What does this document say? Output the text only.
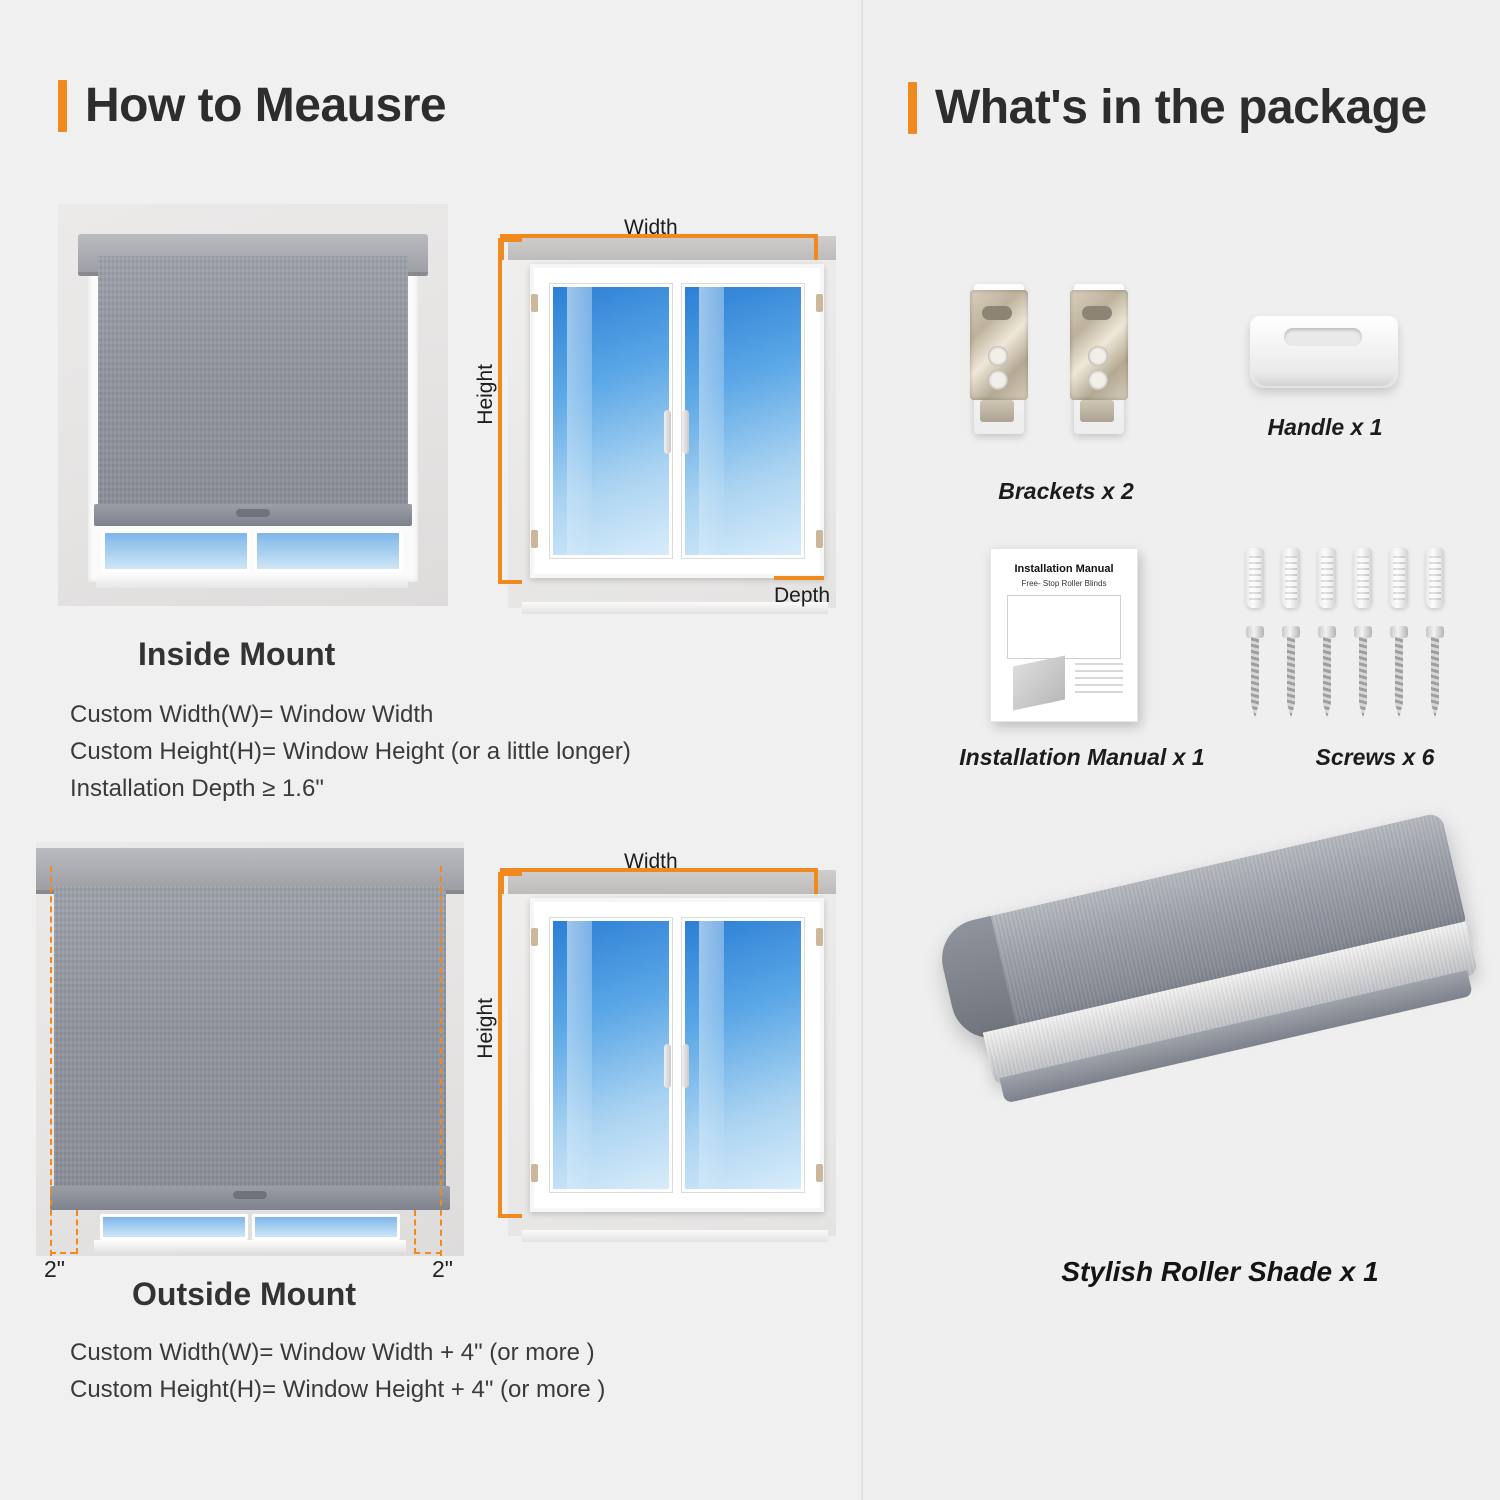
How to Meausre	What's in the package
Width
Height
Depth
Inside Mount
Custom Width(W)= Window Width
Custom Height(H)= Window Height (or a little longer)
Installation Depth ≥ 1.6"
2"	2"
Width
Height
Outside Mount
Custom Width(W)= Window Width + 4" (or more )
Custom Height(H)= Window Height + 4" (or more )
Brackets x 2
Handle x 1
Installation Manual
Free- Stop Roller Blinds
Installation Manual x 1	Screws x 6
Stylish Roller Shade x 1
